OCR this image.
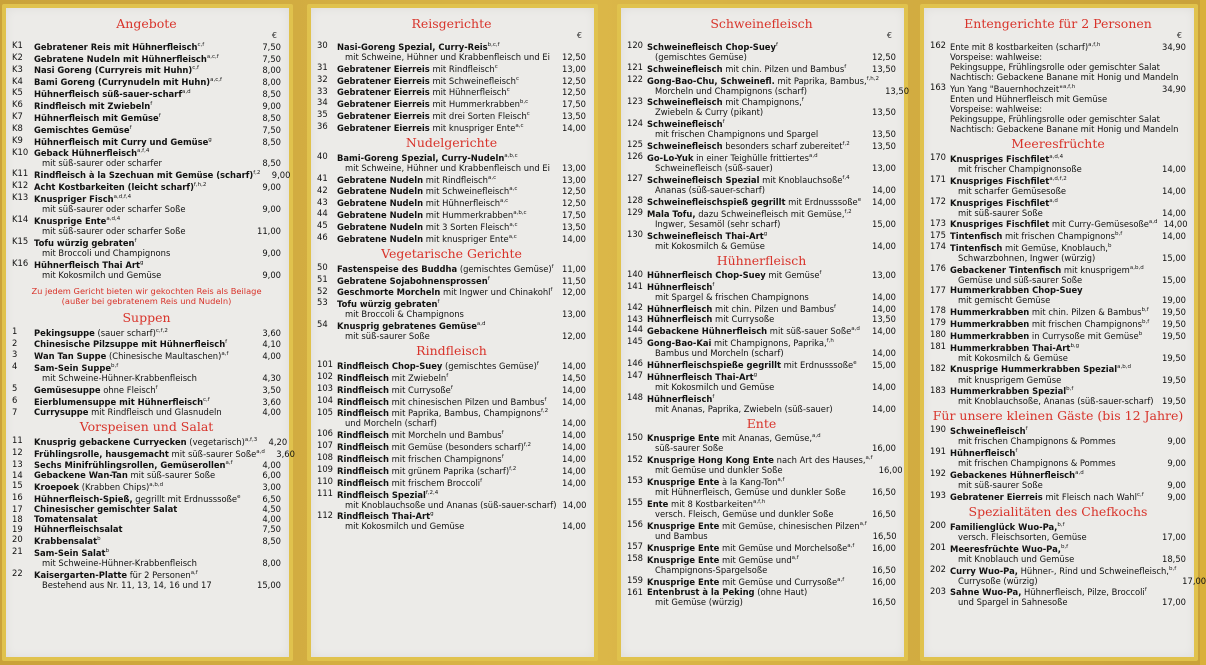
Angebote
€
K1	Gebratener Reis mit Hühnerfleisch$^{c,f}$	7,50
K2	Gebratene Nudeln mit Hühnerfleisch$^{a,c,f}$	7,50
K3	Nasi Goreng (Curryreis mit Huhn)$^{c,f}$	8,00
K4	Bami Goreng (Currynudeln mit Huhn)$^{a,c,f}$	8,00
K5	Hühnerfleisch süß-sauer-scharf$^{a,d}$	8,50
K6	Rindfleisch mit Zwiebeln$^f$	9,00
K7	Hühnerfleisch mit Gemüse$^f$	8,50
K8	Gemischtes Gemüse$^f$	7,50
K9	Hühnerfleisch mit Curry und Gemüse$^g$	8,50
K10 Geback Hühnerfleisch$^{a,f,4}$
mit süß-saurer oder scharfer	8,50
K11 Rindfleisch à la Szechuan mit Gemüse (scharf)$^{f,2}$	9,00
K12 Acht Kostbarkeiten (leicht scharf)$^{f,h,2}$	9,00
K13 Knuspriger Fisch$^{a,d,f,4}$
mit süß-saurer oder scharfer Soße	9,00
K14 Knusprige Ente$^{a,d,4}$
mit süß-saurer oder scharfer Soße	11,00
K15 Tofu würzig gebraten$^f$
mit Broccoli und Champignons	9,00
K16 Hühnerfleisch Thai Art$^g$
mit Kokosmilch und Gemüse	9,00
Zu jedem Gericht bieten wir gekochten Reis als Beilage
(außer bei gebratenem Reis und Nudeln)
Suppen
1	Pekingsuppe (sauer scharf)$^{c,f,2}$	3,60
2	Chinesische Pilzsuppe mit Hühnerfleisch$^f$	4,10
3	Wan Tan Suppe (Chinesische Maultaschen)$^{a,f}$	4,00
4	Sam-Sein Suppe$^{b,f}$
mit Schweine-Hühner-Krabbenfleisch	4,30
5	Gemüsesuppe ohne Fleisch$^f$	3,50
6	Eierblumensuppe mit Hühnerfleisch$^{c,f}$	3,60
7	Currysuppe mit Rindfleisch und Glasnudeln	4,00
Vorspeisen und Salat
11	Knusprig gebackene Curryecken (vegetarisch)$^{a,f,3}$	4,20
12	Frühlingsrolle, hausgemacht mit süß-saurer Soße$^{a,d}$	3,60
13	Sechs Minifrühlingsrollen, Gemüserollen$^{a,f}$	4,00
14	Gebackene Wan-Tan mit süß-saurer Soße	6,00
15	Kroepoek (Krabben Chips)$^{a,b,d}$	3,00
16	Hühnerfleisch-Spieß, gegrillt mit Erdnusssoße$^e$	6,50
17	Chinesischer gemischter Salat	4,50
18	Tomatensalat	4,00
19	Hühnerfleischsalat	7,50
20	Krabbensalat$^b$	8,50
21	Sam-Sein Salat$^b$
mit Schweine-Hühner-Krabbenfleisch	8,00
22	Kaisergarten-Platte für 2 Personen$^{a,f}$
Bestehend aus Nr. 11, 13, 14, 16 und 17	15,00
Reisgerichte
€
30	Nasi-Goreng Spezial, Curry-Reis$^{b,c,f}$
mit Schweine, Hühner und Krabbenfleisch und Ei	12,50
31	Gebratener Eierreis mit Rindfleisch$^c$	13,00
32	Gebratener Eierreis mit Schweinefleisch$^c$	12,50
33	Gebratener Eierreis mit Hühnerfleisch$^c$	12,50
34	Gebratener Eierreis mit Hummerkrabben$^{b,c}$	17,50
35	Gebratener Eierreis mit drei Sorten Fleisch$^c$	13,50
36	Gebratener Eierreis mit knuspriger Ente$^{a,c}$	14,00
Nudelgerichte
40	Bami-Goreng Spezial, Curry-Nudeln$^{a,b,c}$
mit Schweine, Hühner und Krabbenfleisch und Ei	13,00
41	Gebratene Nudeln mit Rindfleisch$^{a,c}$	13,00
42	Gebratene Nudeln mit Schweinefleisch$^{a,c}$	12,50
43	Gebratene Nudeln mit Hühnerfleisch$^{a,c}$	12,50
44	Gebratene Nudeln mit Hummerkrabben$^{a,b,c}$	17,50
45	Gebratene Nudeln mit 3 Sorten Fleisch$^{a,c}$	13,50
46	Gebratene Nudeln mit knuspriger Ente$^{a,c}$	14,00
Vegetarische Gerichte
50	Fastenspeise des Buddha (gemischtes Gemüse)$^f$	11,00
51	Gebratene Sojabohnensprossen$^f$	11,50
52	Geschmorte Morcheln mit Ingwer und Chinakohl$^f$	12,00
53	Tofu würzig gebraten$^f$
mit Broccoli & Champignons	13,00
54	Knusprig gebratenes Gemüse$^{a,d}$
mit süß-saurer Soße	12,00
Rindfleisch
101 Rindfleisch Chop-Suey (gemischtes Gemüse)$^f$	14,00
102 Rindfleisch mit Zwiebeln$^f$	14,50
103 Rindfleisch mit Currysoße$^f$	14,00
104 Rindfleisch mit chinesischen Pilzen und Bambus$^f$	14,00
105 Rindfleisch mit Paprika, Bambus, Champignons$^{f,2}$
und Morcheln (scharf)	14,00
106 Rindfleisch mit Morcheln und Bambus$^f$	14,00
107 Rindfleisch mit Gemüse (besonders scharf)$^{f,2}$	14,00
108 Rindfleisch mit frischen Champignons$^f$	14,00
109 Rindfleisch mit grünem Paprika (scharf)$^{f,2}$	14,00
110 Rindfleisch mit frischem Broccoli$^f$	14,00
111 Rindfleisch Spezial$^{f,2,4}$
mit Knoblauchsoße und Ananas (süß-sauer-scharf) 14,00
112 Rindfleisch Thai-Art$^g$
mit Kokosmilch und Gemüse	14,00
Schweinefleisch
€
120 Schweinefleisch Chop-Suey$^f$
(gemischtes Gemüse)	12,50
121 Schweinefleisch mit chin. Pilzen und Bambus$^f$	13,50
122 Gong-Bao-Chu, Schweinefl. mit Paprika, Bambus,$^{f,h,2}$
Morcheln und Champignons (scharf)	13,50
123 Schweinefleisch mit Champignons,$^f$
Zwiebeln & Curry (pikant)	13,50
124 Schweinefleisch$^f$
mit frischen Champignons und Spargel	13,50
125 Schweinefleisch besonders scharf zubereitet$^{f,2}$	13,50
126 Go-Lo-Yuk in einer Teighülle frittiertes$^{a,d}$
Schweinefleisch (süß-sauer)	13,00
127 Schweinefleisch Spezial mit Knoblauchsoße$^{f,4}$
Ananas (süß-sauer-scharf)	14,00
128 Schweinefleischspieß gegrillt mit Erdnusssoße$^e$	14,00
129 Mala Tofu, dazu Schweinefleisch mit Gemüse,$^{f,2}$
Ingwer, Sesamöl (sehr scharf)	15,00
130 Schweinefleisch Thai-Art$^g$
mit Kokosmilch & Gemüse	14,00
Hühnerfleisch
140 Hühnerfleisch Chop-Suey mit Gemüse$^f$	13,00
141 Hühnerfleisch$^f$
mit Spargel & frischen Champignons	14,00
142 Hühnerfleisch mit chin. Pilzen und Bambus$^f$	14,00
143 Hühnerfleisch mit Currysoße	13,50
144 Gebackene Hühnerfleisch mit süß-sauer Soße$^{a,d}$	14,00
145 Gong-Bao-Kai mit Champignons, Paprika,$^{f,h}$
Bambus und Morcheln (scharf)	14,00
146 Hühnerfleischspieße gegrillt mit Erdnusssoße$^e$	15,00
147 Hühnerfleisch Thai-Art$^g$
mit Kokosmilch und Gemüse	14,00
148 Hühnerfleisch$^f$
mit Ananas, Paprika, Zwiebeln (süß-sauer)	14,00
Ente
150 Knusprige Ente mit Ananas, Gemüse,$^{a,d}$
süß-saurer Soße	16,00
152 Knusprige Hong Kong Ente nach Art des Hauses,$^{a,f}$
mit Gemüse und dunkler Soße	16,00
153 Knusprige Ente à la Kang-Ton$^{a,f}$
mit Hühnerfleisch, Gemüse und dunkler Soße	16,50
155 Ente mit 8 Kostbarkeiten$^{a,f,h}$
versch. Fleisch, Gemüse und dunkler Soße	16,50
156 Knusprige Ente mit Gemüse, chinesischen Pilzen$^{a,f}$
und Bambus	16,50
157 Knusprige Ente mit Gemüse und Morchelsoße$^{a,f}$	16,00
158 Knusprige Ente mit Gemüse und$^{a,f}$
Champignons-Spargelsoße	16,50
159 Knusprige Ente mit Gemüse und Currysoße$^{a,f}$	16,00
161 Entenbrust à la Peking (ohne Haut)
mit Gemüse (würzig)	16,50
Entengerichte für 2 Personen
€
162 Ente mit 8 kostbarkeiten (scharf)$^{a,f,h}$	34,90
Vorspeise: wahlweise:
Pekingsuppe, Frühlingsrolle oder gemischter Salat
Nachtisch: Gebackene Banane mit Honig und Mandeln
163 Yun Yang "Bauernhochzeit"$^{a,f,h}$	34,90
Enten und Hühnerfleisch mit Gemüse
Vorspeise: wahlweise:
Pekingsuppe, Frühlingsrolle oder gemischter Salat
Nachtisch: Gebackene Banane mit Honig und Mandeln
Meeresfrüchte
170 Knuspriges Fischfilet$^{a,d,4}$
mit frischer Champignonsoße	14,00
171 Knuspriges Fischfilet$^{a,d,f,2}$
mit scharfer Gemüsesoße	14,00
172 Knuspriges Fischfilet$^{a,d}$
mit süß-saurer Soße	14,00
173 Knuspriges Fischfilet mit Curry-Gemüsesoße$^{a,d}$ 14,00
175 Tintenfisch mit frischen Champignons$^{b,f}$	14,00
174 Tintenfisch mit Gemüse, Knoblauch,$^b$
Schwarzbohnen, Ingwer (würzig)	15,00
176 Gebackener Tintenfisch mit knusprigem$^{a,b,d}$
Gemüse und süß-saurer Soße	15,00
177 Hummerkrabben Chop-Suey
mit gemischt Gemüse	19,00
178 Hummerkrabben mit chin. Pilzen & Bambus$^{b,f}$	19,50
179 Hummerkrabben mit frischen Champignons$^{b,f}$	19,50
180 Hummerkrabben in Currysoße mit Gemüse$^b$	19,50
181 Hummerkrabben Thai-Art$^{b,g}$
mit Kokosmilch & Gemüse	19,50
182 Knusprige Hummerkrabben Spezial$^{a,b,d}$
mit knusprigem Gemüse	19,50
183 Hummerkrabben Spezial$^{b,f}$
mit Knoblauchsoße, Ananas (süß-sauer-scharf)	19,50
Für unsere kleinen Gäste (bis 12 Jahre)
190 Schweinefleisch$^f$
mit frischen Champignons & Pommes	9,00
191 Hühnerfleisch$^f$
mit frischen Champignons & Pommes	9,00
192 Gebackenes Hühnerfleisch$^{a,d}$
mit süß-saurer Soße	9,00
193 Gebratener Eierreis mit Fleisch nach Wahl$^{c,f}$	9,00
Spezialitäten des Chefkochs
200 Familienglück Wuo-Pa,$^{b,f}$
versch. Fleischsorten, Gemüse	17,00
201 Meeresfrüchte Wuo-Pa,$^{b,f}$
mit Knoblauch und Gemüse	18,50
202 Curry Wuo-Pa, Hühner-, Rind und Schweinefleisch,$^{b,f}$
Currysoße (würzig)	17,00
203 Sahne Wuo-Pa, Hühnerfleisch, Pilze, Broccoli$^f$
und Spargel in Sahnesoße	17,00
